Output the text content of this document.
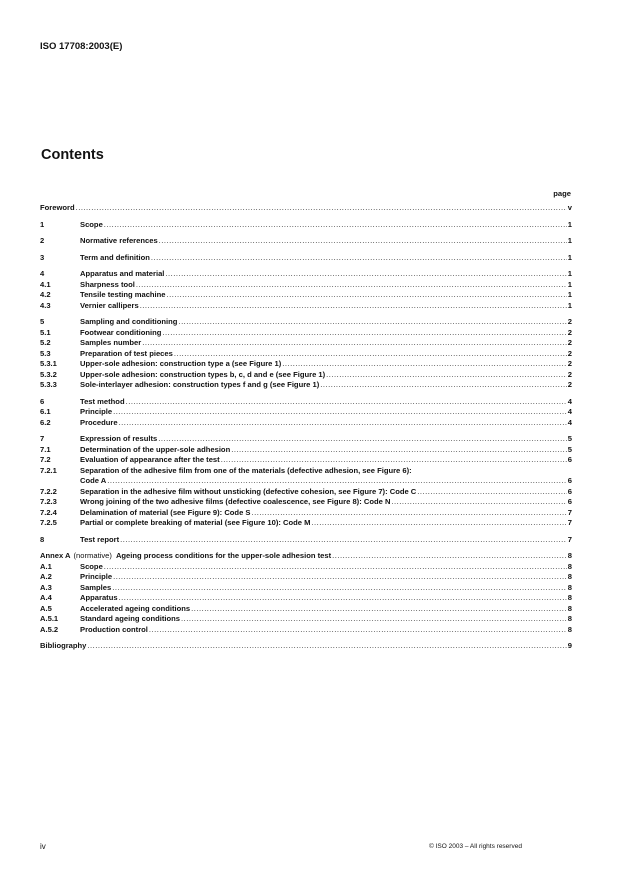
ISO 17708:2003(E)
Contents
page
Foreword .....	v
1	Scope .....	1
2	Normative references .....	1
3	Term and definition .....	1
4	Apparatus and material .....	1
4.1	Sharpness tool .....	1
4.2	Tensile testing machine .....	1
4.3	Vernier callipers .....	1
5	Sampling and conditioning .....	2
5.1	Footwear conditioning .....	2
5.2	Samples number .....	2
5.3	Preparation of test pieces .....	2
5.3.1	Upper-sole adhesion: construction type a (see Figure 1) .....	2
5.3.2	Upper-sole adhesion: construction types b, c, d and e (see Figure 1) .....	2
5.3.3	Sole-interlayer adhesion: construction types f and g (see Figure 1) .....	2
6	Test method .....	4
6.1	Principle .....	4
6.2	Procedure .....	4
7	Expression of results .....	5
7.1	Determination of the upper-sole adhesion .....	5
7.2	Evaluation of appearance after the test .....	6
7.2.1	Separation of the adhesive film from one of the materials (defective adhesion, see Figure 6):
Code A .....	6
7.2.2	Separation in the adhesive film without unsticking (defective cohesion, see Figure 7): Code C .....	6
7.2.3	Wrong joining of the two adhesive films (defective coalescence, see Figure 8): Code N .....	6
7.2.4	Delamination of material (see Figure 9): Code S .....	7
7.2.5	Partial or complete breaking of material (see Figure 10): Code M .....	7
8	Test report .....	7
Annex A (normative) Ageing process conditions for the upper-sole adhesion test .....	8
A.1	Scope .....	8
A.2	Principle .....	8
A.3	Samples .....	8
A.4	Apparatus .....	8
A.5	Accelerated ageing conditions .....	8
A.5.1	Standard ageing conditions .....	8
A.5.2	Production control .....	8
Bibliography .....	9
iv	© ISO 2003 – All rights reserved
